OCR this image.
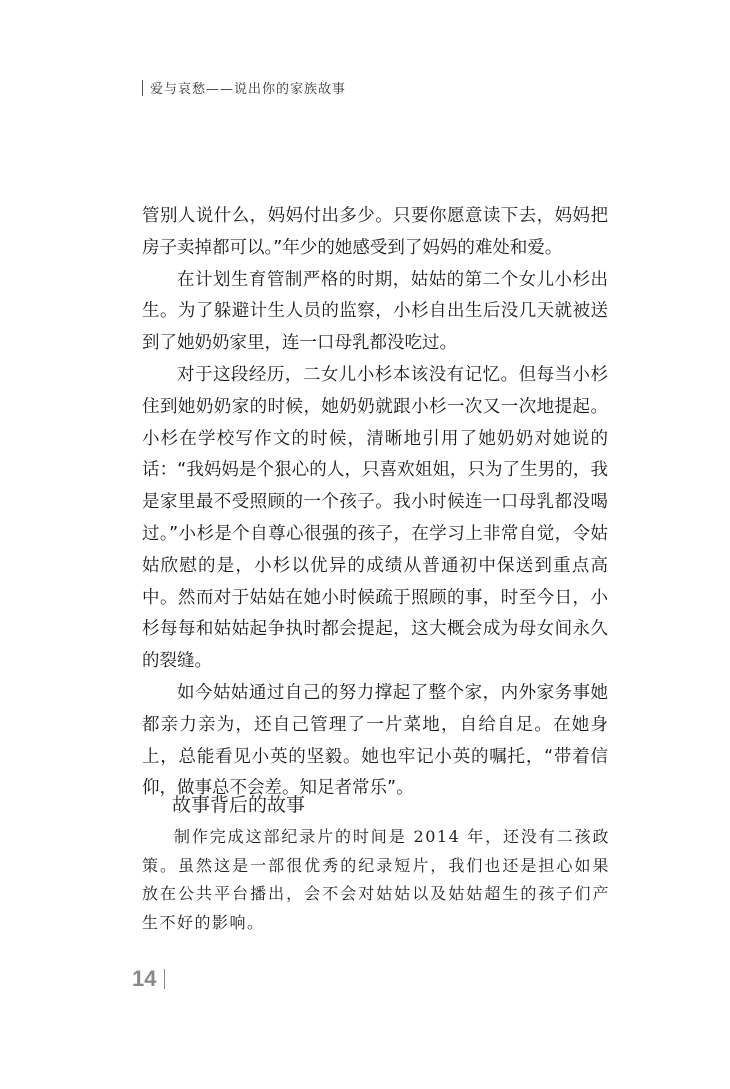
爱与哀愁——说出你的家族故事

管别人说什么，妈妈付出多少。只要你愿意读下去，妈妈把房子卖掉都可以。”年少的她感受到了妈妈的难处和爱。

在计划生育管制严格的时期，姑姑的第二个女儿小杉出生。为了躲避计生人员的监察，小杉自出生后没几天就被送到了她奶奶家里，连一口母乳都没吃过。

对于这段经历，二女儿小杉本该没有记忆。但每当小杉住到她奶奶家的时候，她奶奶就跟小杉一次又一次地提起。小杉在学校写作文的时候，清晰地引用了她奶奶对她说的话：“我妈妈是个狠心的人，只喜欢姐姐，只为了生男的，我是家里最不受照顾的一个孩子。我小时候连一口母乳都没喝过。”小杉是个自尊心很强的孩子，在学习上非常自觉，令姑姑欣慰的是，小杉以优异的成绩从普通初中保送到重点高中。然而对于姑姑在她小时候疏于照顾的事，时至今日，小杉每每和姑姑起争执时都会提起，这大概会成为母女间永久的裂缝。

如今姑姑通过自己的努力撑起了整个家，内外家务事她都亲力亲为，还自己管理了一片菜地，自给自足。在她身上，总能看见小英的坚毅。她也牢记小英的嘱托，“带着信仰，做事总不会差。知足者常乐”。

故事背后的故事

制作完成这部纪录片的时间是 2014 年，还没有二孩政策。虽然这是一部很优秀的纪录短片，我们也还是担心如果放在公共平台播出，会不会对姑姑以及姑姑超生的孩子们产生不好的影响。

14
